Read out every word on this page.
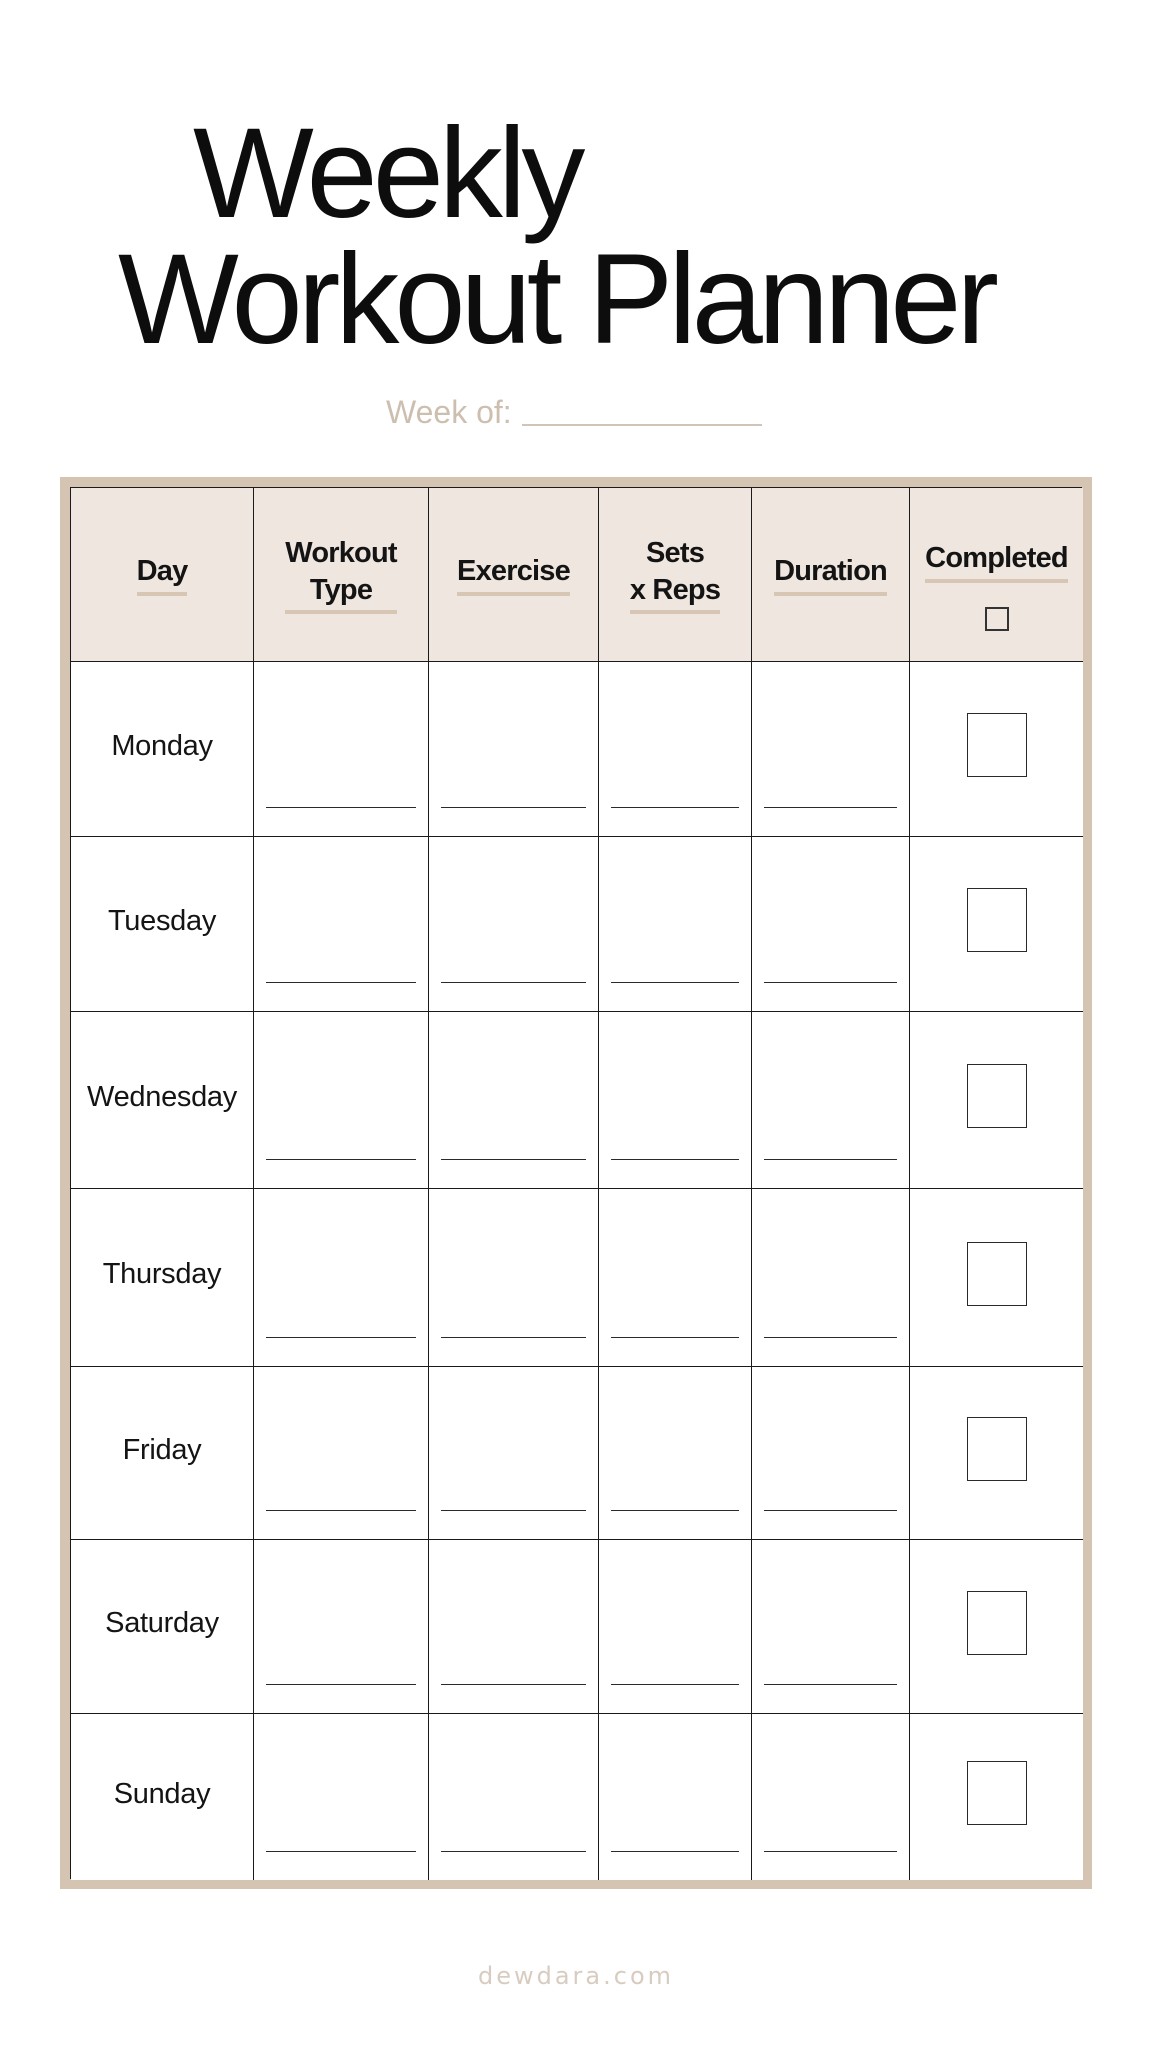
Weekly
Workout Planner
Week of:
Day
Workout
Type
Exercise
Sets
x Reps
Duration Completed
Monday
Tuesday
Wednesday
Thursday
Friday
Saturday
Sunday
dewdara.com
